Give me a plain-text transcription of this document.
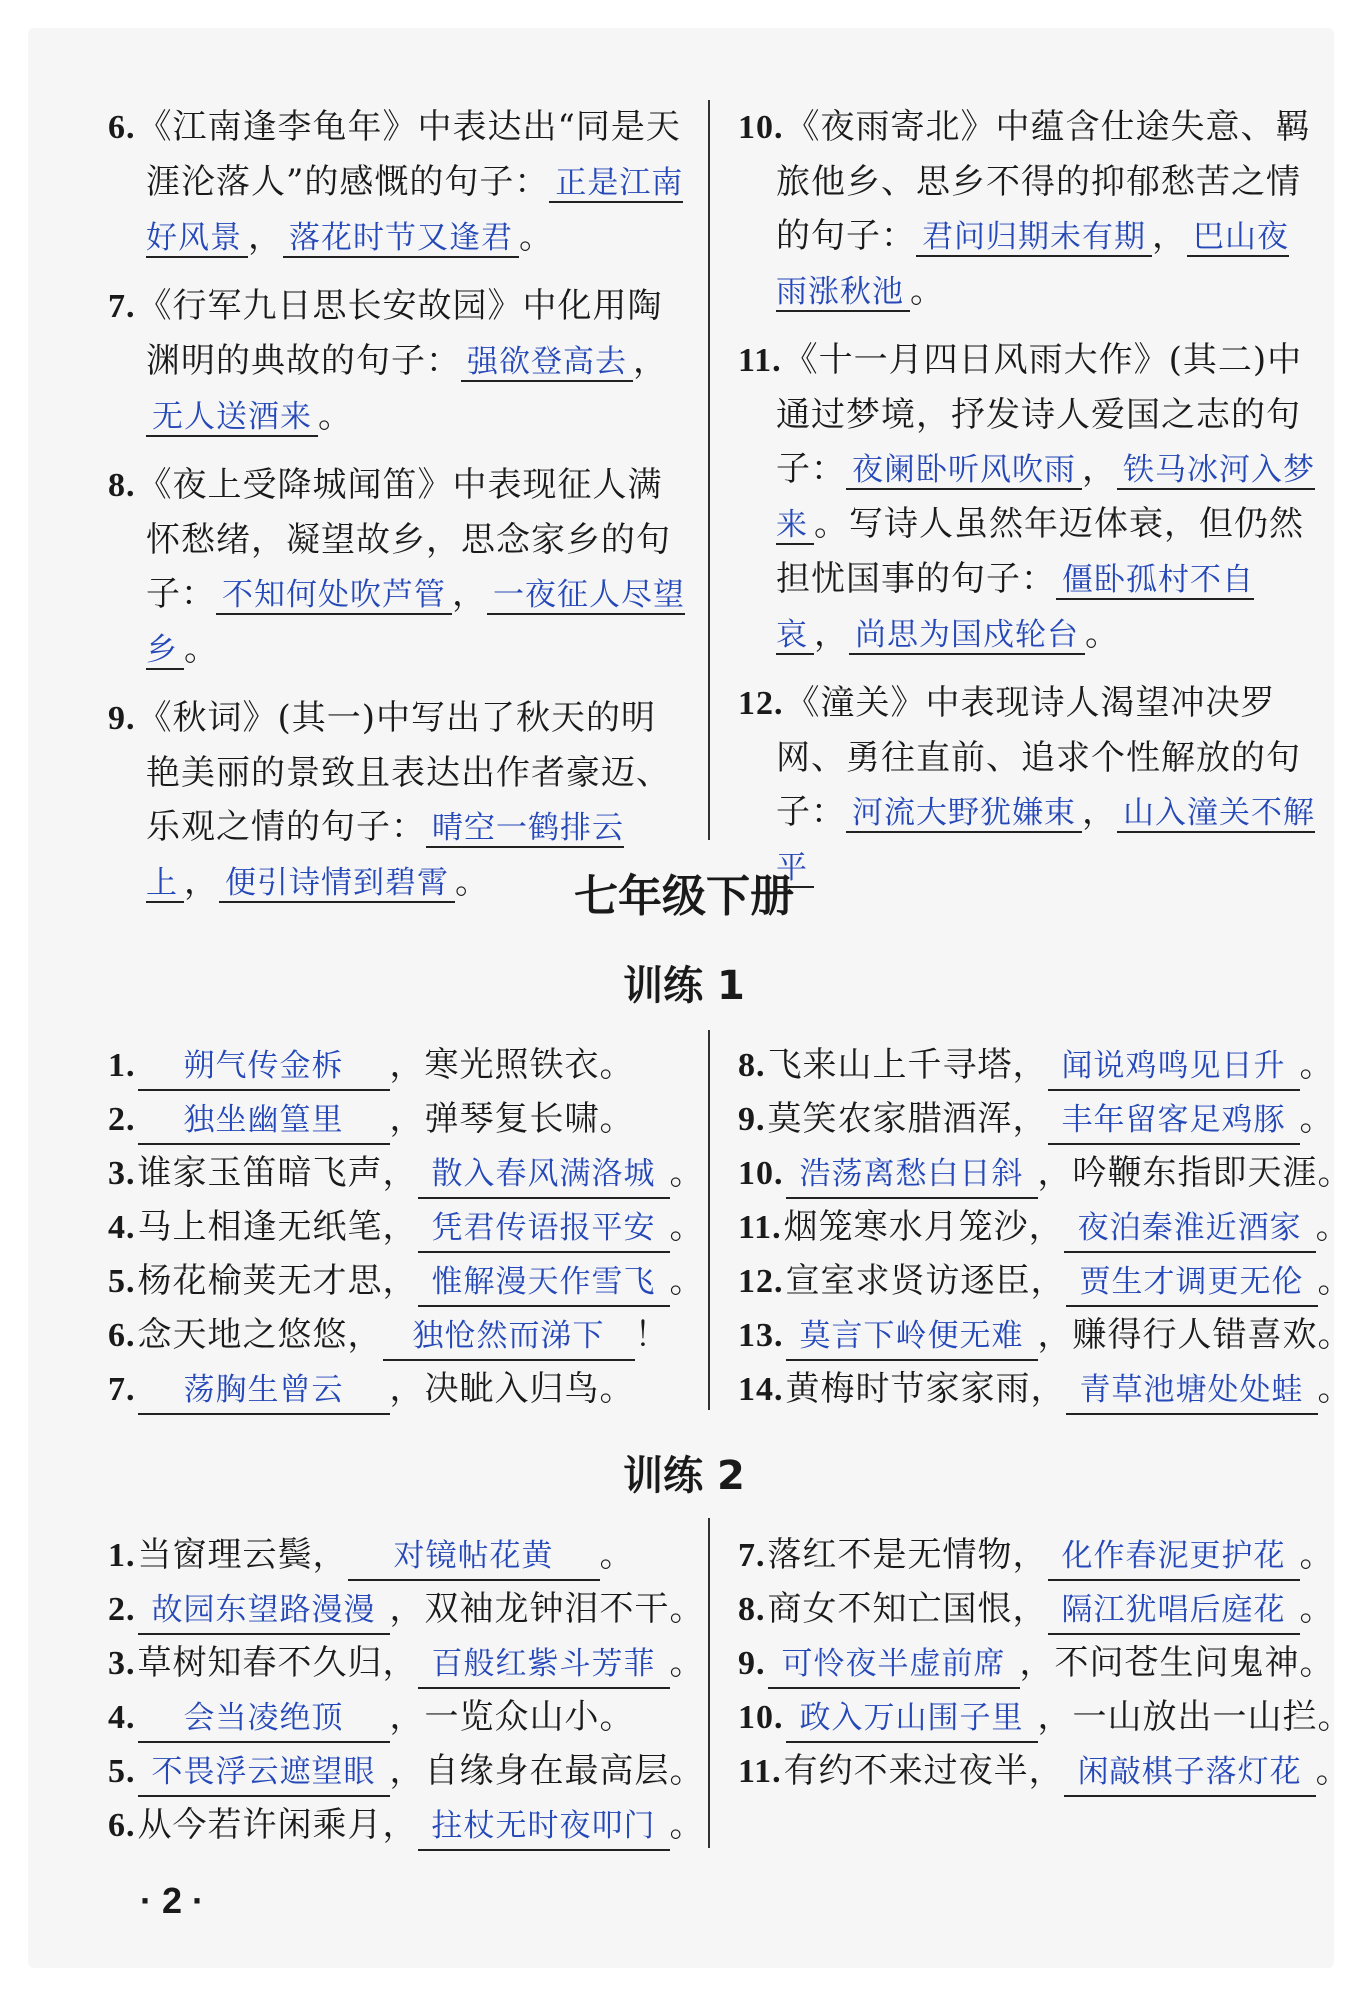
6.《江南逢李龟年》中表达出“同是天涯沦落人”的感慨的句子： 正是江南好风景 ， 落花时节又逢君 。
7.《行军九日思长安故园》中化用陶渊明的典故的句子： 强欲登高去 ，无人送酒来 。
8.《夜上受降城闻笛》中表现征人满怀愁绪，凝望故乡，思念家乡的句子： 不知何处吹芦管 ， 一夜征人尽望乡 。
9.《秋词》(其一)中写出了秋天的明艳美丽的景致且表达出作者豪迈、乐观之情的句子： 晴空一鹤排云上 ， 便引诗情到碧霄 。
10.《夜雨寄北》中蕴含仕途失意、羁旅他乡、思乡不得的抑郁愁苦之情的句子： 君问归期未有期 ， 巴山夜雨涨秋池 。
11.《十一月四日风雨大作》(其二)中通过梦境，抒发诗人爱国之志的句子： 夜阑卧听风吹雨 ， 铁马冰河入梦来 。写诗人虽然年迈体衰，但仍然担忧国事的句子： 僵卧孤村不自哀 ， 尚思为国戍轮台 。
12.《潼关》中表现诗人渴望冲决罗网、勇往直前、追求个性解放的句子： 河流大野犹嫌束 ， 山入潼关不解平
七年级下册
训练 1
1. 朔气传金柝 ，寒光照铁衣。
2. 独坐幽篁里 ，弹琴复长啸。
3.谁家玉笛暗飞声， 散入春风满洛城 。
4.马上相逢无纸笔， 凭君传语报平安 。
5.杨花榆荚无才思， 惟解漫天作雪飞 。
6.念天地之悠悠， 独怆然而涕下 ！
7. 荡胸生曾云 ，决眦入归鸟。
8.飞来山上千寻塔， 闻说鸡鸣见日升 。
9.莫笑农家腊酒浑， 丰年留客足鸡豚 。
10. 浩荡离愁白日斜 ，吟鞭东指即天涯。
11.烟笼寒水月笼沙， 夜泊秦淮近酒家 。
12.宣室求贤访逐臣， 贾生才调更无伦 。
13. 莫言下岭便无难 ，赚得行人错喜欢。
14.黄梅时节家家雨， 青草池塘处处蛙 。
训练 2
1.当窗理云鬓， 对镜帖花黄 。
2. 故园东望路漫漫 ，双袖龙钟泪不干。
3.草树知春不久归， 百般红紫斗芳菲 。
4. 会当凌绝顶 ，一览众山小。
5. 不畏浮云遮望眼 ，自缘身在最高层。
6.从今若许闲乘月， 拄杖无时夜叩门 。
7.落红不是无情物， 化作春泥更护花 。
8.商女不知亡国恨， 隔江犹唱后庭花 。
9. 可怜夜半虚前席 ，不问苍生问鬼神。
10. 政入万山围子里 ，一山放出一山拦。
11.有约不来过夜半， 闲敲棋子落灯花 。
· 2 ·
